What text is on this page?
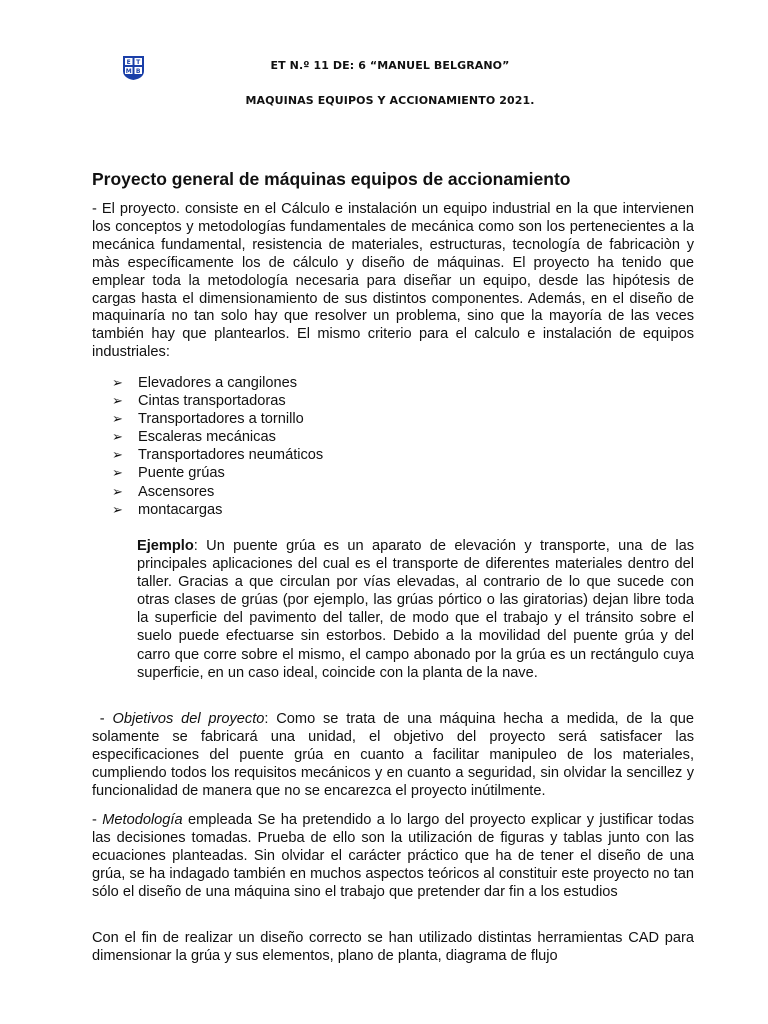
E T
M B	ET N.º 11 DE: 6 “MANUEL BELGRANO”
MAQUINAS EQUIPOS Y ACCIONAMIENTO 2021.
Proyecto general de máquinas equipos de accionamiento

- El proyecto. consiste en el Cálculo e instalación un equipo industrial en la que intervienen los conceptos y metodologías fundamentales de mecánica como son los pertenecientes a la mecánica fundamental, resistencia de materiales, estructuras, tecnología de fabricaciòn y màs específicamente los de cálculo y diseño de máquinas. El proyecto ha tenido que emplear toda la metodología necesaria para diseñar un equipo, desde las hipótesis de cargas hasta el dimensionamiento de sus distintos componentes. Además, en el diseño de maquinaría no tan solo hay que resolver un problema, sino que la mayoría de las veces también hay que plantearlos. El mismo criterio para el calculo e instalación de equipos industriales:

➢ Elevadores a cangilones
➢ Cintas transportadoras
➢ Transportadores a tornillo
➢ Escaleras mecánicas
➢ Transportadores neumáticos
➢ Puente grúas
➢ Ascensores
➢ montacargas

Ejemplo: Un puente grúa es un aparato de elevación y transporte, una de las principales aplicaciones del cual es el transporte de diferentes materiales dentro del taller. Gracias a que circulan por vías elevadas, al contrario de lo que sucede con otras clases de grúas (por ejemplo, las grúas pórtico o las giratorias) dejan libre toda la superficie del pavimento del taller, de modo que el trabajo y el tránsito sobre el suelo puede efectuarse sin estorbos. Debido a la movilidad del puente grúa y del carro que corre sobre el mismo, el campo abonado por la grúa es un rectángulo cuya superficie, en un caso ideal, coincide con la planta de la nave.

- Objetivos del proyecto: Como se trata de una máquina hecha a medida, de la que solamente se fabricará una unidad, el objetivo del proyecto será satisfacer las especificaciones del puente grúa en cuanto a facilitar manipuleo de los materiales, cumpliendo todos los requisitos mecánicos y en cuanto a seguridad, sin olvidar la sencillez y funcionalidad de manera que no se encarezca el proyecto inútilmente.

- Metodología empleada Se ha pretendido a lo largo del proyecto explicar y justificar todas las decisiones tomadas. Prueba de ello son la utilización de figuras y tablas junto con las ecuaciones planteadas. Sin olvidar el carácter práctico que ha de tener el diseño de una grúa, se ha indagado también en muchos aspectos teóricos al constituir este proyecto no tan sólo el diseño de una máquina sino el trabajo que pretender dar fin a los estudios

Con el fin de realizar un diseño correcto se han utilizado distintas herramientas CAD para dimensionar la grúa y sus elementos, plano de planta, diagrama de flujo
